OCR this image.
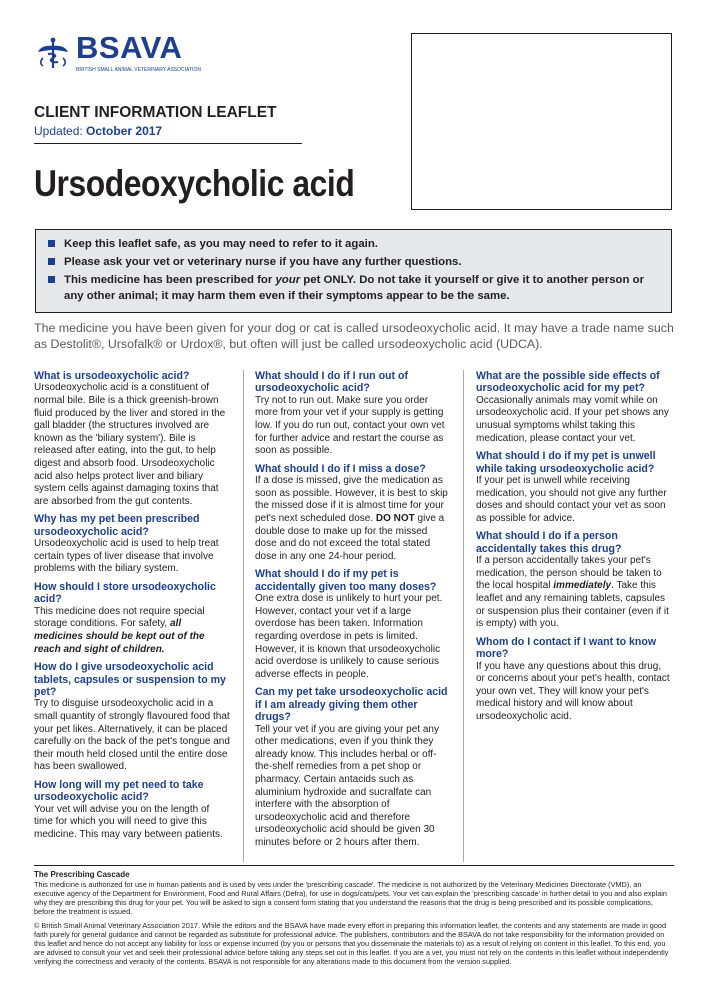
BSAVA
BRITISH SMALL ANIMAL VETERINARY ASSOCIATION
CLIENT INFORMATION LEAFLET
Updated: October 2017
Ursodeoxycholic acid
Keep this leaflet safe, as you may need to refer to it again.
Please ask your vet or veterinary nurse if you have any further questions.
This medicine has been prescribed for your pet ONLY. Do not take it yourself or give it to another person or any other animal; it may harm them even if their symptoms appear to be the same.

The medicine you have been given for your dog or cat is called ursodeoxycholic acid. It may have a trade name such as Destolit®, Ursofalk® or Urdox®, but often will just be called ursodeoxycholic acid (UDCA).

What is ursodeoxycholic acid?

Ursodeoxycholic acid is a constituent of normal bile. Bile is a thick greenish-brown fluid produced by the liver and stored in the gall bladder (the structures involved are known as the 'biliary system'). Bile is released after eating, into the gut, to help digest and absorb food. Ursodeoxycholic acid also helps protect liver and biliary system cells against damaging toxins that are absorbed from the gut contents.

Why has my pet been prescribed ursodeoxycholic acid?

Ursodeoxycholic acid is used to help treat certain types of liver disease that involve problems with the biliary system.

How should I store ursodeoxycholic acid?

This medicine does not require special storage conditions. For safety, all medicines should be kept out of the reach and sight of children.

How do I give ursodeoxycholic acid tablets, capsules or suspension to my pet?

Try to disguise ursodeoxycholic acid in a small quantity of strongly flavoured food that your pet likes. Alternatively, it can be placed carefully on the back of the pet's tongue and their mouth held closed until the entire dose has been swallowed.

How long will my pet need to take ursodeoxycholic acid?

Your vet will advise you on the length of time for which you will need to give this medicine. This may vary between patients.

What should I do if I run out of ursodeoxycholic acid?

Try not to run out. Make sure you order more from your vet if your supply is getting low. If you do run out, contact your own vet for further advice and restart the course as soon as possible.

What should I do if I miss a dose?

If a dose is missed, give the medication as soon as possible. However, it is best to skip the missed dose if it is almost time for your pet's next scheduled dose. DO NOT give a double dose to make up for the missed dose and do not exceed the total stated dose in any one 24-hour period.

What should I do if my pet is accidentally given too many doses?

One extra dose is unlikely to hurt your pet. However, contact your vet if a large overdose has been taken. Information regarding overdose in pets is limited. However, it is known that ursodeoxycholic acid overdose is unlikely to cause serious adverse effects in people.

Can my pet take ursodeoxycholic acid if I am already giving them other drugs?

Tell your vet if you are giving your pet any other medications, even if you think they already know. This includes herbal or off-the-shelf remedies from a pet shop or pharmacy. Certain antacids such as aluminium hydroxide and sucralfate can interfere with the absorption of ursodeoxycholic acid and therefore ursodeoxycholic acid should be given 30 minutes before or 2 hours after them.

What are the possible side effects of ursodeoxycholic acid for my pet?

Occasionally animals may vomit while on ursodeoxycholic acid. If your pet shows any unusual symptoms whilst taking this medication, please contact your vet.

What should I do if my pet is unwell while taking ursodeoxycholic acid?

If your pet is unwell while receiving medication, you should not give any further doses and should contact your vet as soon as possible for advice.

What should I do if a person accidentally takes this drug?

If a person accidentally takes your pet's medication, the person should be taken to the local hospital immediately. Take this leaflet and any remaining tablets, capsules or suspension plus their container (even if it is empty) with you.

Whom do I contact if I want to know more?

If you have any questions about this drug, or concerns about your pet's health, contact your own vet. They will know your pet's medical history and will know about ursodeoxycholic acid.

The Prescribing Cascade

This medicine is authorized for use in human patients and is used by vets under the 'prescribing cascade'. The medicine is not authorized by the Veterinary Medicines Directorate (VMD), an executive agency of the Department for Environment, Food and Rural Affairs (Defra), for use in dogs/cats/pets. Your vet can explain the 'prescribing cascade' in further detail to you and also explain why they are prescribing this drug for your pet. You will be asked to sign a consent form stating that you understand the reasons that the drug is being prescribed and its possible complications, before the treatment is issued.

© British Small Animal Veterinary Association 2017. While the editors and the BSAVA have made every effort in preparing this information leaflet, the contents and any statements are made in good faith purely for general guidance and cannot be regarded as substitute for professional advice. The publishers, contributors and the BSAVA do not take responsibility for the information provided on this leaflet and hence do not accept any liability for loss or expense incurred (by you or persons that you disseminate the materials to) as a result of relying on content in this leaflet. To this end, you are advised to consult your vet and seek their professional advice before taking any steps set out in this leaflet. If you are a vet, you must not rely on the contents in this leaflet without independently verifying the correctness and veracity of the contents. BSAVA is not responsible for any alterations made to this document from the version supplied.
